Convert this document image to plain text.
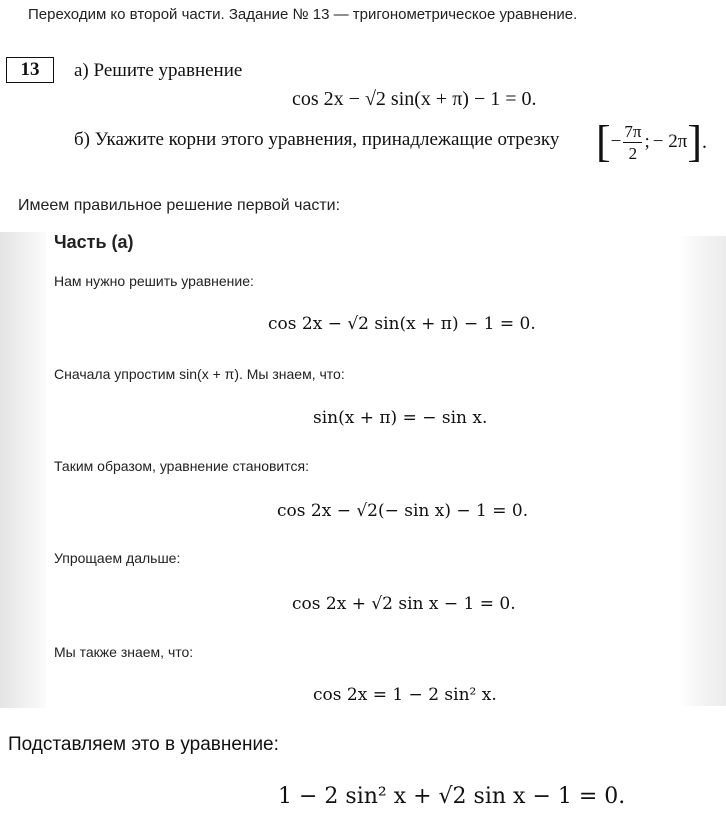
Переходим ко второй части. Задание № 13 — тригонометрическое уравнение.
13	а) Решите уравнение
cos 2x − √2 sin(x + π) − 1 = 0.
б) Укажите корни этого уравнения, принадлежащие отрезку [ − $\frac{7\pi}{2}$ ; − 2π ] .
Имеем правильное решение первой части:
Часть (а)
Нам нужно решить уравнение:
cos 2x − √2 sin(x + π) − 1 = 0.
Сначала упростим sin(x + π). Мы знаем, что:
sin(x + π) = − sin x.
Таким образом, уравнение становится:
cos 2x − √2(− sin x) − 1 = 0.
Упрощаем дальше:
cos 2x + √2 sin x − 1 = 0.
Мы также знаем, что:
cos 2x = 1 − 2 sin² x.
Подставляем это в уравнение:
1 − 2 sin² x + √2 sin x − 1 = 0.
